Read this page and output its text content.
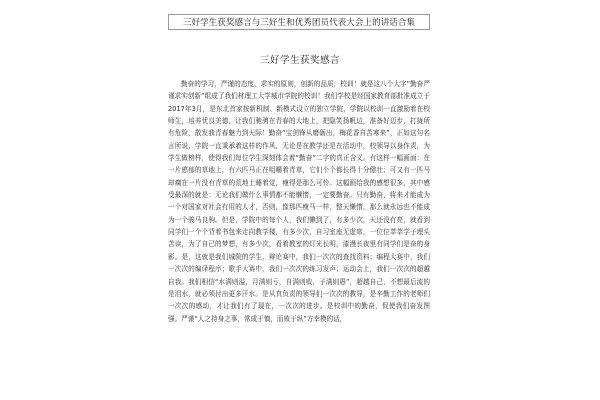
三好学生获奖感言与三好生和优秀团员代表大会上的讲话合集
三好学生获奖感言
勤奋的学习，严谨的态度，求实的原则，创新的品质，校训！就是这八个大字“勤奋严谨求实创新”组成了我们材理工大学城市学院的校训！我们学校是经国家教育部批准成立于2017年3月，是东北首家按新机制、新模式设立的独立学院，学院以校训一直激励着在校师生，培养优良美德，让我们驰骋在青春的大地上，把隐笑扬帆边，准备好迈步，打拢所有危险，散发我青春魅力到天际！勤奋“宝剑锋从磨砺出，梅花香自苦寒来”，正如这句名言所说，学院一直秉承着这样的作风，无论是在教学还是在活动中，校领导以身作责，为学生做榜样，使得我们每位学生深刻体会着“勤奋”二字的真正含义。有这样一幅画面：在一片憨郁的草地上，有六匹马正在咀嚼着青草，它们个个都长得十分健壮；可又有一匹马却瘸在一片没有青草的荒地上睡着觉，瘦得是那么可怜。这幅画给我的感想很多，其中感受最深的就是：无论我们做什么事情都不能懒惰，一定要勤奋。只有勤奋，将来才能成为一个对国家对社会有用的人才，否则，像那匹瘦马一样，整天懒惰，那么就永远也不能成为一个骏马良驹。但是，学院中的每个人，我们懒到了，有多少次，天还没有亮，就看到同学们一个个背着书包来走向教学楼，有多少次，自习室座无虚席，一位位莘莘学子埋头苦读，为了自己的梦想，有多少次，看着教室的灯光长明，漆漫长夜里有同学们是奋的身影。是，这就是我们城院的学生，辩论赛中，我们一次次的查找资料；编程大赛中，我们一次次的编译程序；歌手大赛中，我们一次次的练习发声；运动会上，我们一次次的超越自我。我们相信“水满则溢，月满则亏，自满则败，子满则愚”，超越自己，不想最后流的是泪水，就必须付出更多汗水。是从真负责的领导们一次次的教导，是辛勤工作的老师们一次次的感动，才让我们有了现在，一次次的进步。是校训中的勤奋，促使我们奋发图强。严谨“人之持身之事，常成于慎，而败于纵”方幸摸的话，
